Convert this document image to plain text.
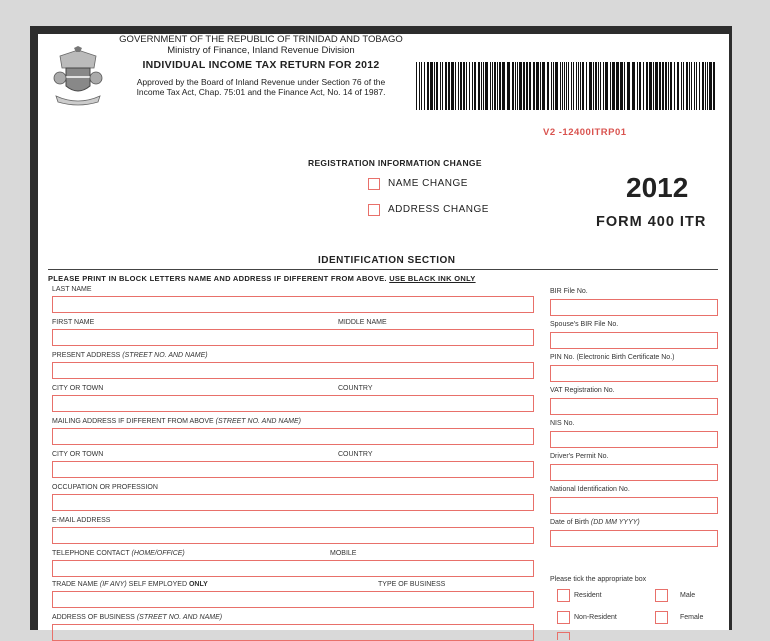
GOVERNMENT OF THE REPUBLIC OF TRINIDAD AND TOBAGO
Ministry of Finance, Inland Revenue Division
INDIVIDUAL INCOME TAX RETURN FOR 2012
Approved by the Board of Inland Revenue under Section 76 of the
Income Tax Act, Chap. 75:01 and the Finance Act, No. 14 of 1987.
V2 -12400ITRP01
REGISTRATION INFORMATION CHANGE
NAME CHANGE
ADDRESS CHANGE
2012
FORM 400 ITR
IDENTIFICATION SECTION
PLEASE PRINT IN BLOCK LETTERS NAME AND ADDRESS IF DIFFERENT FROM ABOVE. USE BLACK INK ONLY
LAST NAME
FIRST NAME	MIDDLE NAME
PRESENT ADDRESS (STREET NO. AND NAME)
CITY OR TOWN	COUNTRY
MAILING ADDRESS IF DIFFERENT FROM ABOVE (STREET NO. AND NAME)
CITY OR TOWN	COUNTRY
OCCUPATION OR PROFESSION
E-MAIL ADDRESS
TELEPHONE CONTACT (HOME/OFFICE)	MOBILE
TRADE NAME (IF ANY) SELF EMPLOYED ONLY	TYPE OF BUSINESS
ADDRESS OF BUSINESS (STREET NO. AND NAME)
BIR File No.
Spouse's BIR File No.
PIN No. (Electronic Birth Certificate No.)
VAT Registration No.
NIS No.
Driver's Permit No.
National Identification No.
Date of Birth (DD MM YYYY)
Please tick the appropriate box
Resident	Male
Non-Resident	Female
